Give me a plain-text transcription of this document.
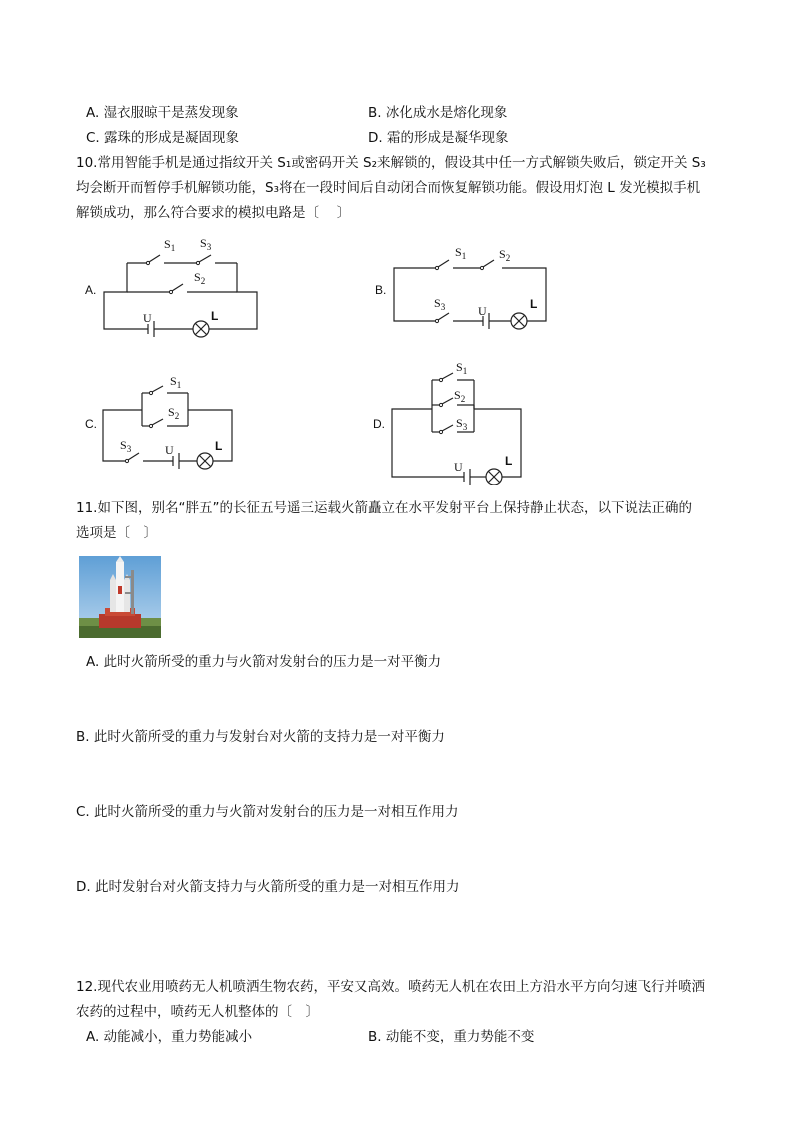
A. 湿衣服晾干是蒸发现象	B. 冰化成水是熔化现象
C. 露珠的形成是凝固现象	D. 霜的形成是凝华现象
10.常用智能手机是通过指纹开关 S₁或密码开关 S₂来解锁的，假设其中任一方式解锁失败后，锁定开关 S₃
均会断开而暂停手机解锁功能，S₃将在一段时间后自动闭合而恢复解锁功能。假设用灯泡 L 发光模拟手机
解锁成功，那么符合要求的模拟电路是〔　 〕
A.
$S_1$ $S_3$
$S_2$
U	L
B.
$S_1$	$S_2$
$S_3$	U	L
C.
$S_1$
$S_2$
$S_3$	U	L
D.
$S_1$
$S_2$
$S_3$
U	L
11.如下图，别名“胖五”的长征五号遥三运载火箭矗立在水平发射平台上保持静止状态，以下说法正确的
选项是〔　〕
A. 此时火箭所受的重力与火箭对发射台的压力是一对平衡力
B. 此时火箭所受的重力与发射台对火箭的支持力是一对平衡力
C. 此时火箭所受的重力与火箭对发射台的压力是一对相互作用力
D. 此时发射台对火箭支持力与火箭所受的重力是一对相互作用力
12.现代农业用喷药无人机喷洒生物农药，平安又高效。喷药无人机在农田上方沿水平方向匀速飞行并喷洒
农药的过程中，喷药无人机整体的〔　〕
A. 动能减小，重力势能减小	B. 动能不变，重力势能不变
